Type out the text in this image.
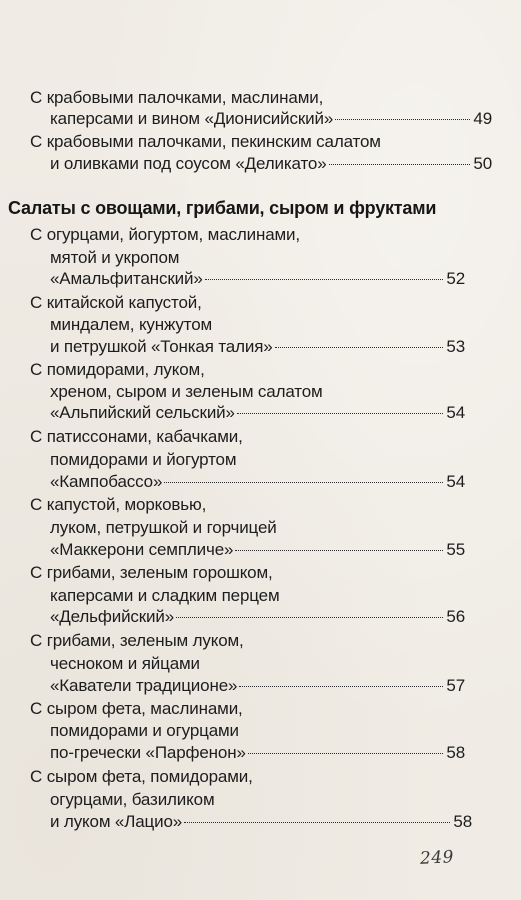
С крабовыми палочками, маслинами,
каперсами и вином «Дионисийский»	49
С крабовыми палочками, пекинским салатом
и оливками под соусом «Деликато»	50
Салаты с овощами, грибами, сыром и фруктами
С огурцами, йогуртом, маслинами,
мятой и укропом
«Амальфитанский»	52
С китайской капустой,
миндалем, кунжутом
и петрушкой «Тонкая талия»	53
С помидорами, луком,
хреном, сыром и зеленым салатом
«Альпийский сельский»	54
С патиссонами, кабачками,
помидорами и йогуртом
«Кампобассо»	54
С капустой, морковью,
луком, петрушкой и горчицей
«Маккерони семпличе»	55
С грибами, зеленым горошком,
каперсами и сладким перцем
«Дельфийский»	56
С грибами, зеленым луком,
чесноком и яйцами
«Каватели традиционе»	57
С сыром фета, маслинами,
помидорами и огурцами
по-гречески «Парфенон»	58
С сыром фета, помидорами,
огурцами, базиликом
и луком «Лацио»	58
249
